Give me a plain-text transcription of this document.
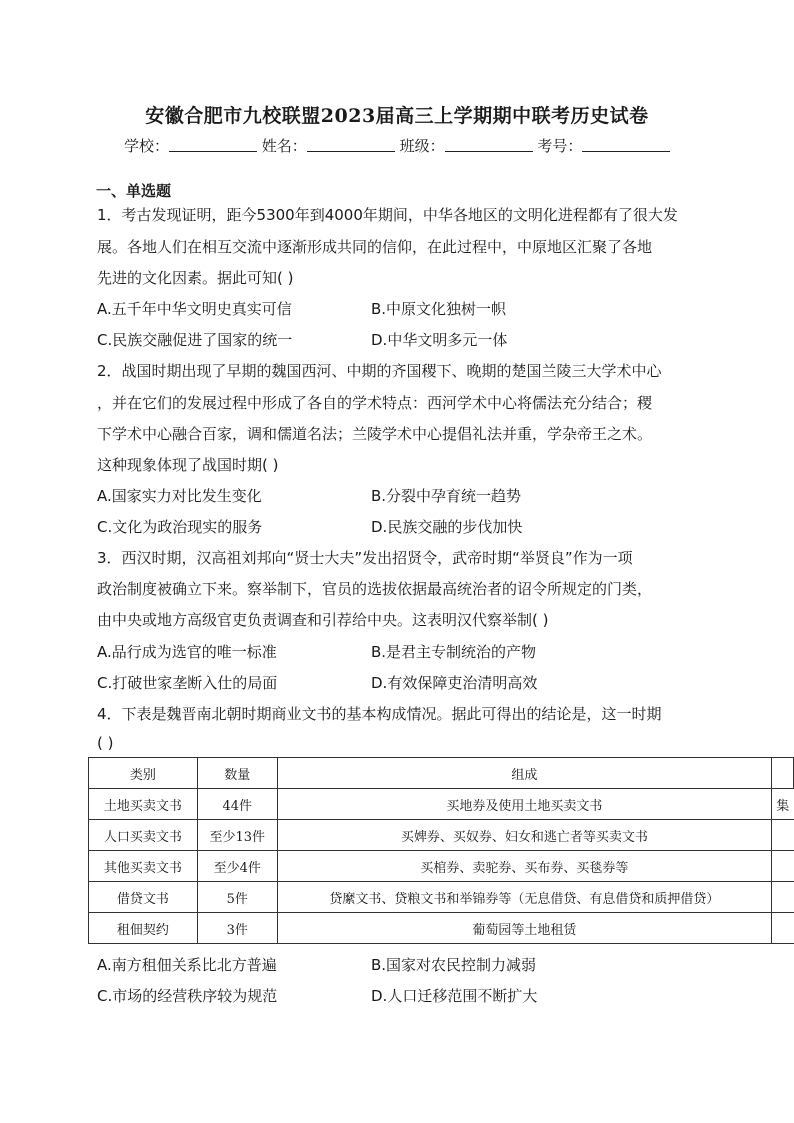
安徽合肥市九校联盟2023届高三上学期期中联考历史试卷
学校：	姓名：	班级：	考号：
一、单选题
1．考古发现证明，距今5300年到4000年期间，中华各地区的文明化进程都有了很大发
展。各地人们在相互交流中逐渐形成共同的信仰，在此过程中，中原地区汇聚了各地
先进的文化因素。据此可知( )
A.五千年中华文明史真实可信	B.中原文化独树一帜
C.民族交融促进了国家的统一	D.中华文明多元一体
2．战国时期出现了早期的魏国西河、中期的齐国稷下、晚期的楚国兰陵三大学术中心
，并在它们的发展过程中形成了各自的学术特点：西河学术中心将儒法充分结合；稷
下学术中心融合百家，调和儒道名法；兰陵学术中心提倡礼法并重，学杂帝王之术。
这种现象体现了战国时期( )
A.国家实力对比发生变化	B.分裂中孕育统一趋势
C.文化为政治现实的服务	D.民族交融的步伐加快
3．西汉时期，汉高祖刘邦向“贤士大夫”发出招贤令，武帝时期“举贤良”作为一项
政治制度被确立下来。察举制下，官员的选拔依据最高统治者的诏令所规定的门类，
由中央或地方高级官吏负责调查和引荐给中央。这表明汉代察举制( )
A.品行成为选官的唯一标准	B.是君主专制统治的产物
C.打破世家垄断入仕的局面	D.有效保障吏治清明高效
4．下表是魏晋南北朝时期商业文书的基本构成情况。据此可得出的结论是，这一时期
( )
类别	数量	组成	
土地买卖文书	44件	买地券及使用土地买卖文书	集
人口买卖文书	至少13件	买婢券、买奴券、妇女和逃亡者等买卖文书	
其他买卖文书	至少4件	买棺券、卖驼券、买布券、买毯券等	
借贷文书	5件	贷縻文书、贷粮文书和举锦券等（无息借贷、有息借贷和质押借贷）	
租佃契约	3件	葡萄园等土地租赁	
A.南方租佃关系比北方普遍	B.国家对农民控制力减弱
C.市场的经营秩序较为规范	D.人口迁移范围不断扩大
